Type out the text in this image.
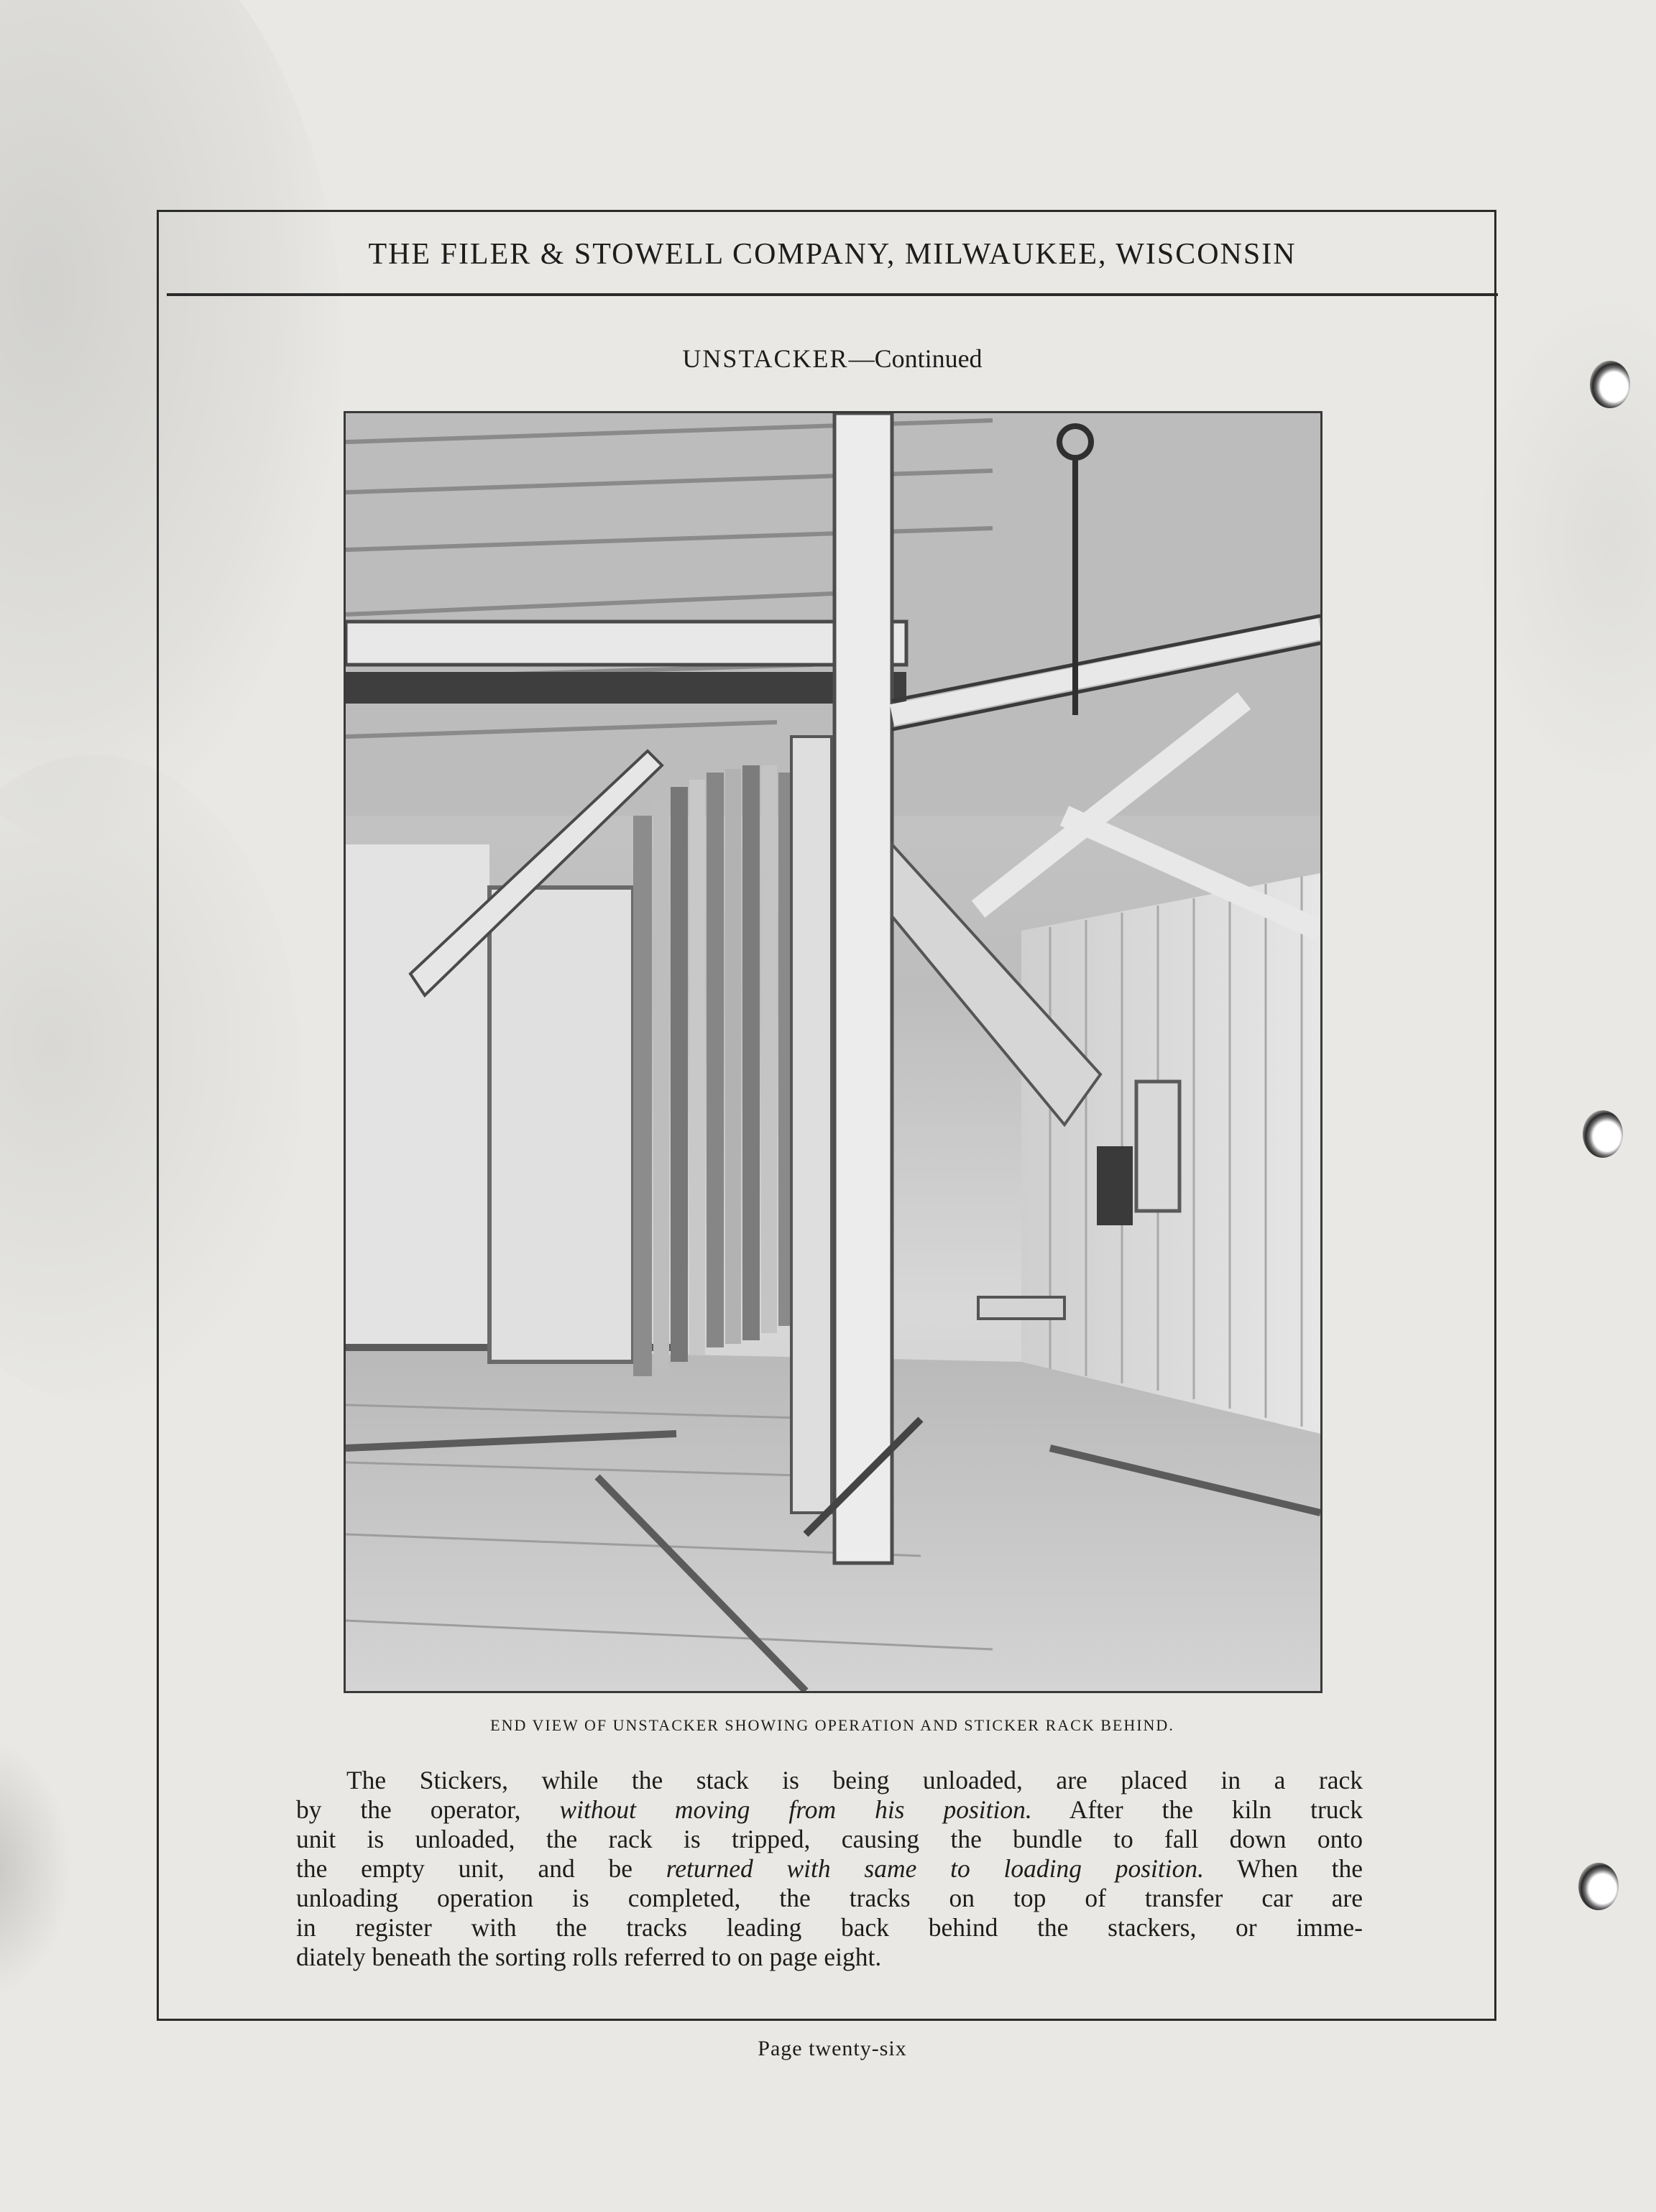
THE FILER & STOWELL COMPANY, MILWAUKEE, WISCONSIN
UNSTACKER—Continued
END VIEW OF UNSTACKER SHOWING OPERATION AND STICKER RACK BEHIND.
The Stickers, while the stack is being unloaded, are placed in a rack
by the operator, without moving from his position. After the kiln truck
unit is unloaded, the rack is tripped, causing the bundle to fall down onto
the empty unit, and be returned with same to loading position. When the
unloading operation is completed, the tracks on top of transfer car are
in register with the tracks leading back behind the stackers, or imme-
diately beneath the sorting rolls referred to on page eight.
Page twenty-six
